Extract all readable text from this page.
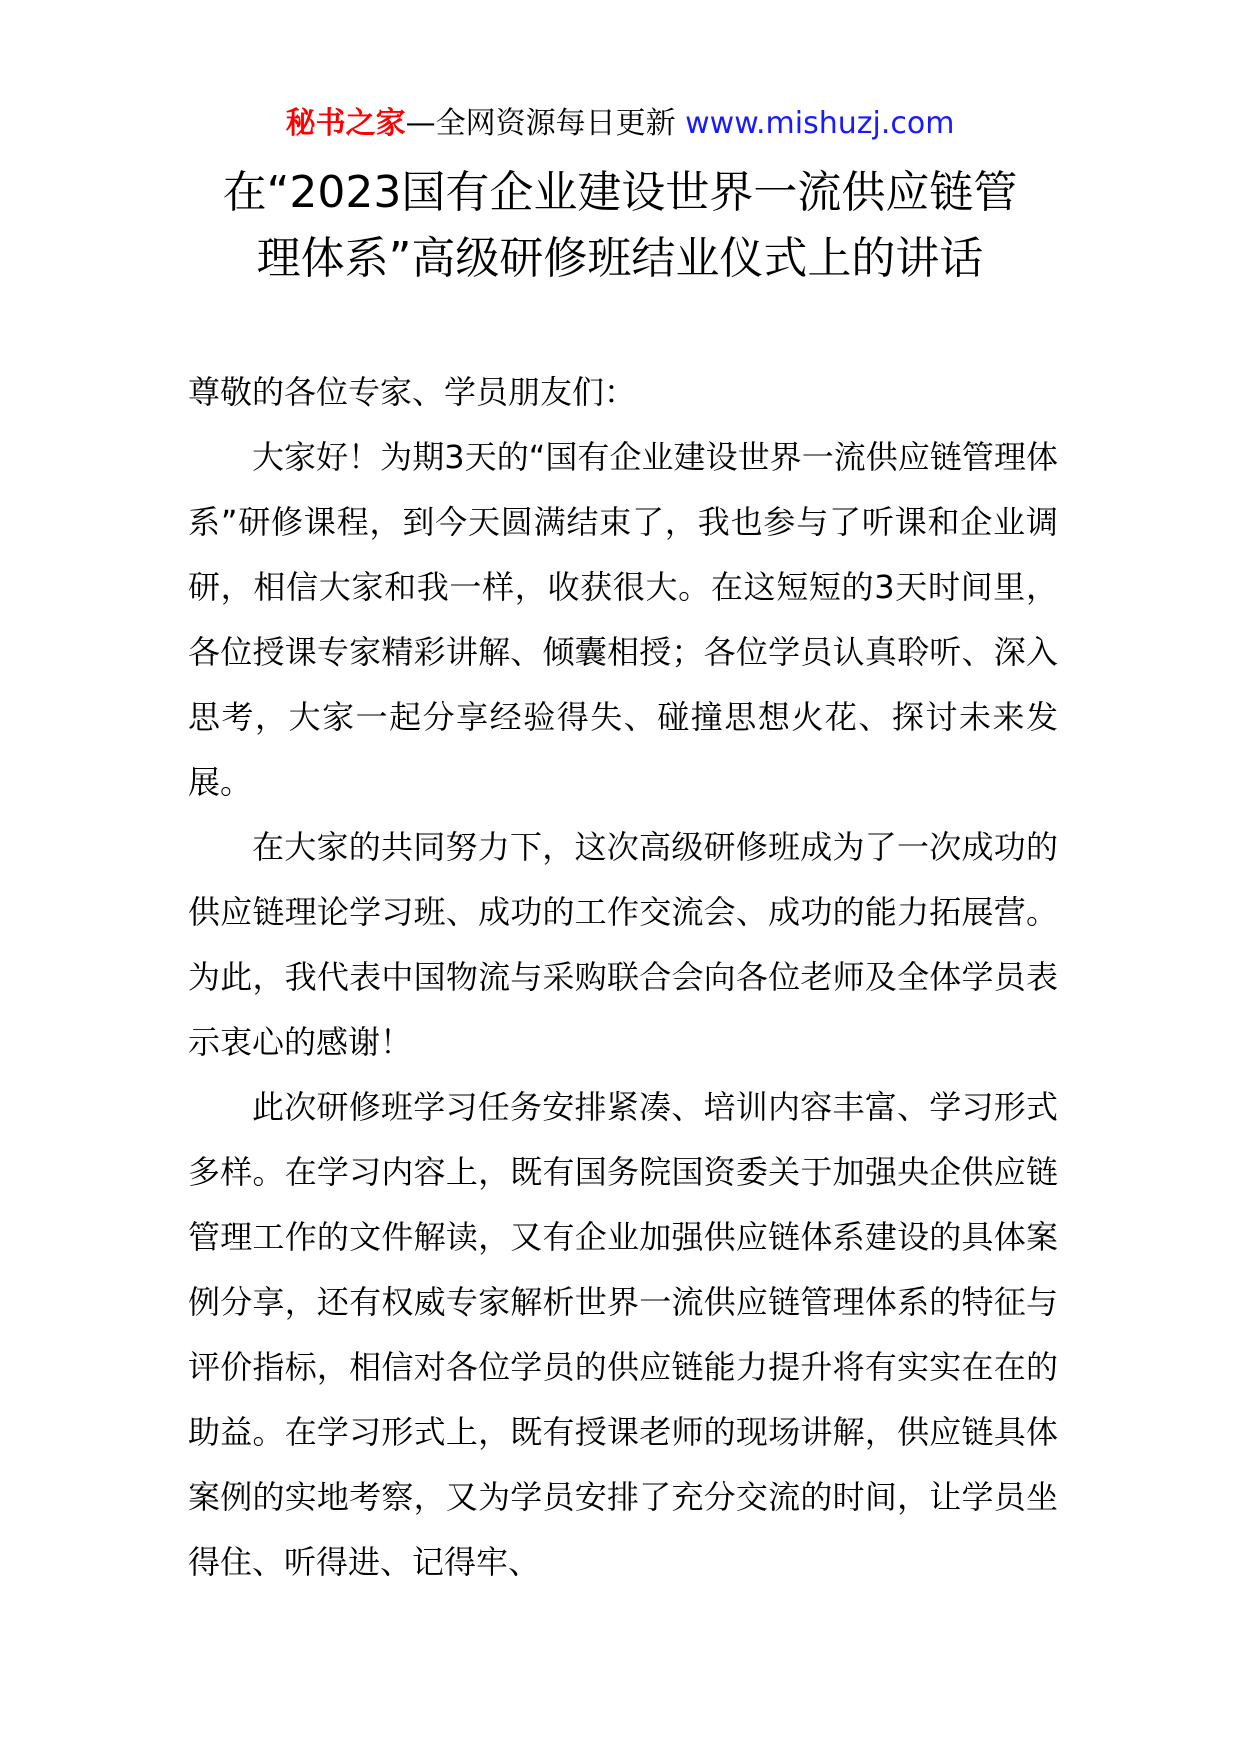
秘书之家—全网资源每日更新 www.mishuzj.com
在“2023国有企业建设世界一流供应链管
理体系”高级研修班结业仪式上的讲话

尊敬的各位专家、学员朋友们：

大家好！为期3天的“国有企业建设世界一流供应链管理体系”研修课程，到今天圆满结束了，我也参与了听课和企业调研，相信大家和我一样，收获很大。在这短短的3天时间里，各位授课专家精彩讲解、倾囊相授；各位学员认真聆听、深入思考，大家一起分享经验得失、碰撞思想火花、探讨未来发展。

在大家的共同努力下，这次高级研修班成为了一次成功的供应链理论学习班、成功的工作交流会、成功的能力拓展营。为此，我代表中国物流与采购联合会向各位老师及全体学员表示衷心的感谢！

此次研修班学习任务安排紧凑、培训内容丰富、学习形式多样。在学习内容上，既有国务院国资委关于加强央企供应链管理工作的文件解读，又有企业加强供应链体系建设的具体案例分享，还有权威专家解析世界一流供应链管理体系的特征与评价指标，相信对各位学员的供应链能力提升将有实实在在的助益。在学习形式上，既有授课老师的现场讲解，供应链具体案例的实地考察，又为学员安排了充分交流的时间，让学员坐得住、听得进、记得牢、
